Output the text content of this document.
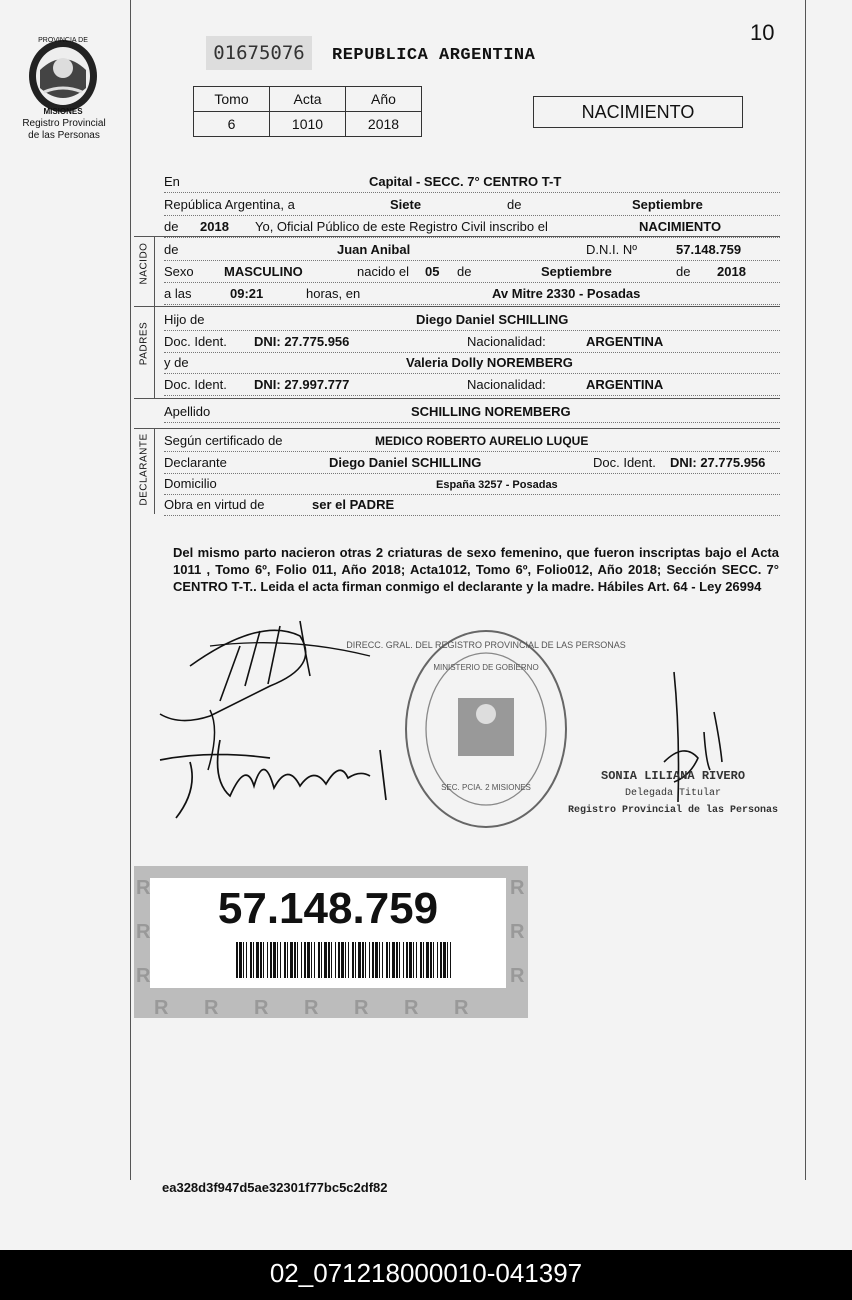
PROVINCIA DE
MISIONES
Registro Provincial
de las Personas
10
01675076	REPUBLICA ARGENTINA
Tomo	Acta	Año
6	1010	2018
NACIMIENTO
En	Capital - SECC. 7° CENTRO T-T
República Argentina, a	Siete	de	Septiembre
de 2018 Yo, Oficial Público de este Registro Civil inscribo el	NACIMIENTO
NACIDO de	Juan Anibal	D.N.I. Nº	57.148.759
Sexo MASCULINO	nacido el 05 de	Septiembre	de 2018
a las	09:21	horas, en	Av Mitre 2330 - Posadas
PADRES
Hijo de	Diego Daniel SCHILLING
Doc. Ident. DNI: 27.775.956	Nacionalidad:	ARGENTINA
y de	Valeria Dolly NOREMBERG
Doc. Ident. DNI: 27.997.777	Nacionalidad:	ARGENTINA
Apellido	SCHILLING NOREMBERG
DECLARANTE Según certificado de	MEDICO ROBERTO AURELIO LUQUE
Declarante	Diego Daniel SCHILLING	Doc. Ident. DNI: 27.775.956
Domicilio	España 3257 - Posadas
Obra en virtud de	ser el PADRE
Del mismo parto nacieron otras 2 criaturas de sexo femenino, que fueron inscriptas bajo el Acta 1011 , Tomo 6º, Folio 011, Año 2018; Acta1012, Tomo 6º, Folio012, Año 2018; Sección SECC. 7° CENTRO T-T.. Leida el acta firman conmigo el declarante y la madre. Hábiles Art. 64 - Ley 26994
DIRECC. GRAL. DEL REGISTRO PROVINCIAL DE LAS PERSONAS
MINISTERIO DE GOBIERNO
SEC. PCIA. 2 MISIONES
SONIA LILIANA RIVERO
Delegada Titular
Registro Provincial de las Personas
R
R
R
R
R
R
R R R R R R R
57.148.759
ea328d3f947d5ae32301f77bc5c2df82
02_071218000010-041397
